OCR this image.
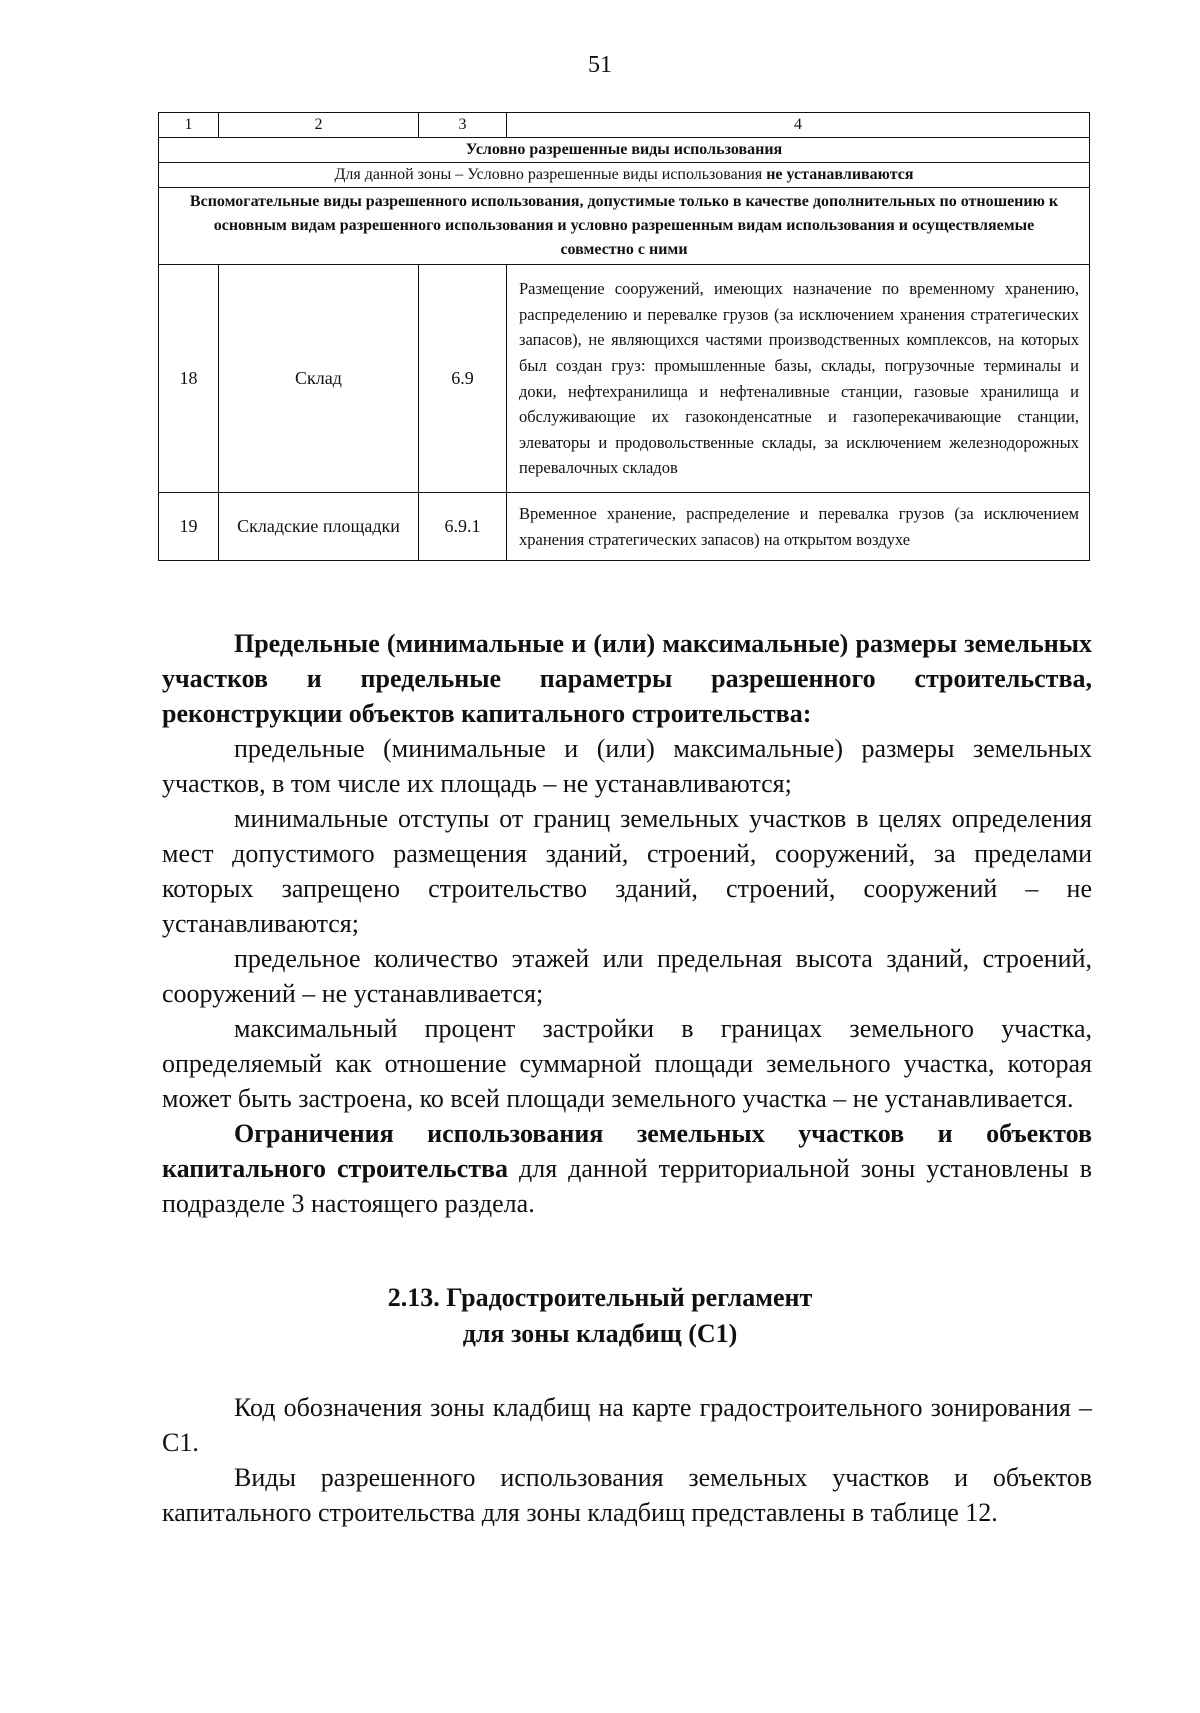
51
1	2	3	4
Условно разрешенные виды использования			
Для данной зоны – Условно разрешенные виды использования не устанавливаются			
Вспомогательные виды разрешенного использования, допустимые только в качестве дополнительных по отношению к основным видам разрешенного использования и условно разрешенным видам использования и осуществляемые совместно с ними			
18	Склад	6.9	Размещение сооружений, имеющих назначение по временному хранению, распределению и перевалке грузов (за исключением хранения стратегических запасов), не являющихся частями производственных комплексов, на которых был создан груз: промышленные базы, склады, погрузочные терминалы и доки, нефтехранилища и нефтеналивные станции, газовые хранилища и обслуживающие их газоконденсатные и газоперекачивающие станции, элеваторы и продовольственные склады, за исключением железнодорожных перевалочных складов
19	Складские площадки	6.9.1	Временное хранение, распределение и перевалка грузов (за исключением хранения стратегических запасов) на открытом воздухе

Предельные (минимальные и (или) максимальные) размеры земельных участков и предельные параметры разрешенного строительства, реконструкции объектов капитального строительства:

предельные (минимальные и (или) максимальные) размеры земельных участков, в том числе их площадь – не устанавливаются;

минимальные отступы от границ земельных участков в целях определения мест допустимого размещения зданий, строений, сооружений, за пределами которых запрещено строительство зданий, строений, сооружений – не устанавливаются;

предельное количество этажей или предельная высота зданий, строений, сооружений – не устанавливается;

максимальный процент застройки в границах земельного участка, определяемый как отношение суммарной площади земельного участка, которая может быть застроена, ко всей площади земельного участка – не устанавливается.

Ограничения использования земельных участков и объектов капитального строительства для данной территориальной зоны установлены в подразделе 3 настоящего раздела.

2.13. Градостроительный регламент
для зоны кладбищ (С1)

Код обозначения зоны кладбищ на карте градостроительного зонирования – С1.

Виды разрешенного использования земельных участков и объектов капитального строительства для зоны кладбищ представлены в таблице 12.
